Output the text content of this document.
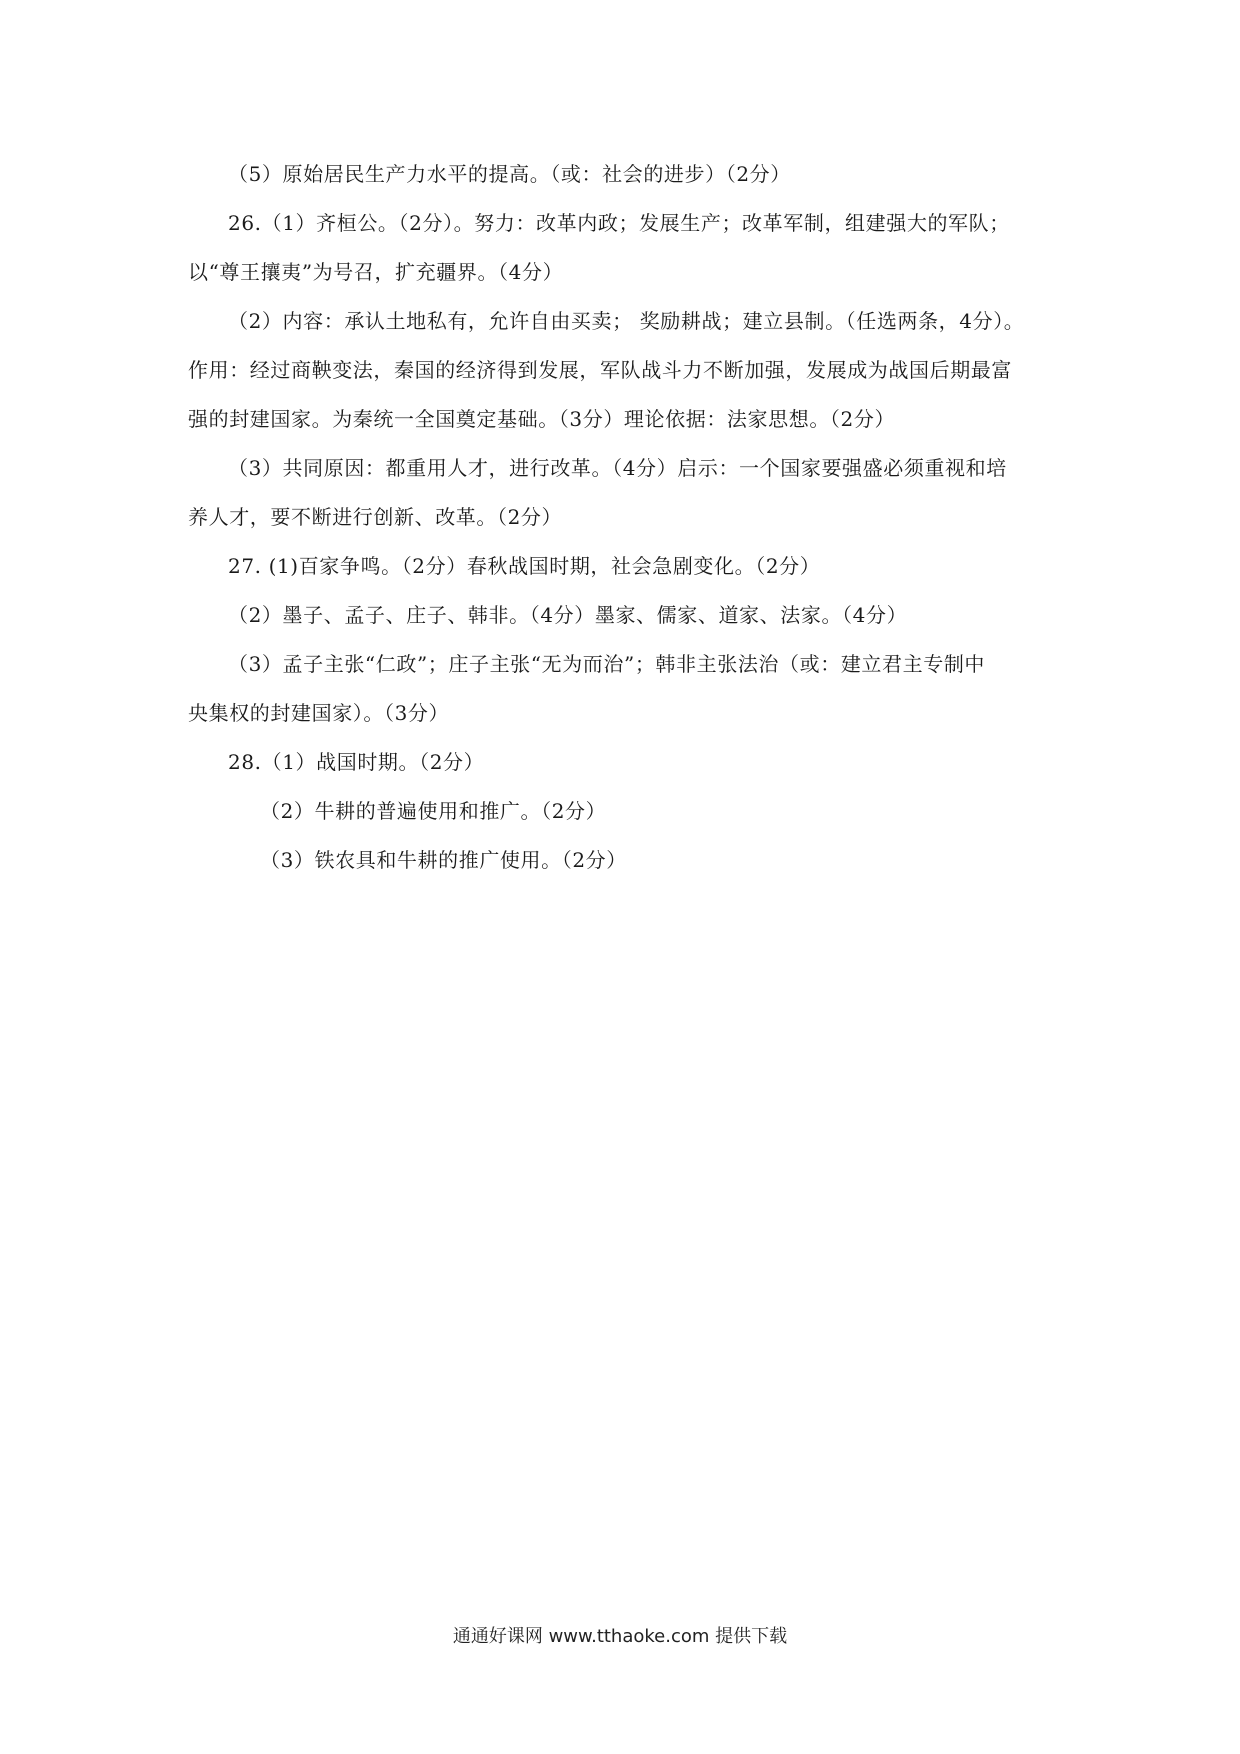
（5）原始居民生产力水平的提高。（或：社会的进步）（2分）
26.（1）齐桓公。（2分）。努力：改革内政；发展生产；改革军制，组建强大的军队；
以“尊王攘夷”为号召，扩充疆界。（4分）
（2）内容：承认土地私有，允许自由买卖； 奖励耕战；建立县制。（任选两条，4分）。
作用：经过商鞅变法，秦国的经济得到发展，军队战斗力不断加强，发展成为战国后期最富
强的封建国家。为秦统一全国奠定基础。（3分）理论依据：法家思想。（2分）
（3）共同原因：都重用人才，进行改革。（4分）启示：一个国家要强盛必须重视和培
养人才，要不断进行创新、改革。（2分）
27. (1)百家争鸣。（2分）春秋战国时期，社会急剧变化。（2分）
（2）墨子、孟子、庄子、韩非。（4分）墨家、儒家、道家、法家。（4分）
（3）孟子主张“仁政”；庄子主张“无为而治”；韩非主张法治（或：建立君主专制中
央集权的封建国家）。（3分）
28.（1）战国时期。（2分）
（2）牛耕的普遍使用和推广。（2分）
（3）铁农具和牛耕的推广使用。（2分）
通通好课网 www.tthaoke.com 提供下载
